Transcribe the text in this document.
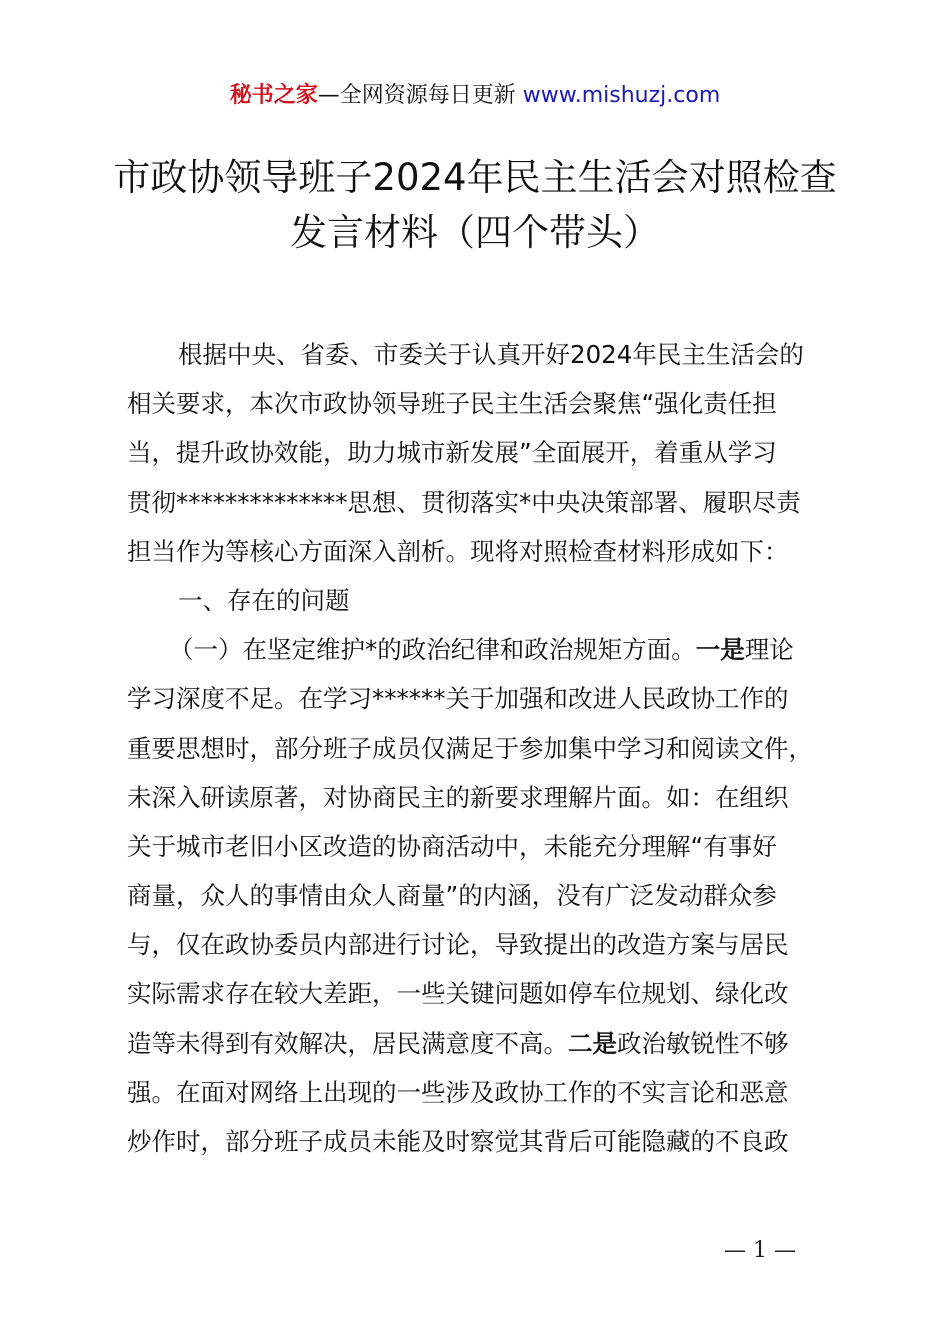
秘书之家—全网资源每日更新 www.mishuzj.com
市政协领导班子2024年民主生活会对照检查
发言材料（四个带头）
根据中央、省委、市委关于认真开好2024年民主生活会的
相关要求，本次市政协领导班子民主生活会聚焦“强化责任担
当，提升政协效能，助力城市新发展”全面展开，着重从学习
贯彻**************思想、贯彻落实*中央决策部署、履职尽责
担当作为等核心方面深入剖析。现将对照检查材料形成如下：
一、存在的问题
（一）在坚定维护*的政治纪律和政治规矩方面。一是理论
学习深度不足。在学习******关于加强和改进人民政协工作的
重要思想时，部分班子成员仅满足于参加集中学习和阅读文件，
未深入研读原著，对协商民主的新要求理解片面。如：在组织
关于城市老旧小区改造的协商活动中，未能充分理解“有事好
商量，众人的事情由众人商量”的内涵，没有广泛发动群众参
与，仅在政协委员内部进行讨论，导致提出的改造方案与居民
实际需求存在较大差距，一些关键问题如停车位规划、绿化改
造等未得到有效解决，居民满意度不高。二是政治敏锐性不够
强。在面对网络上出现的一些涉及政协工作的不实言论和恶意
炒作时，部分班子成员未能及时察觉其背后可能隐藏的不良政
— 1 —
